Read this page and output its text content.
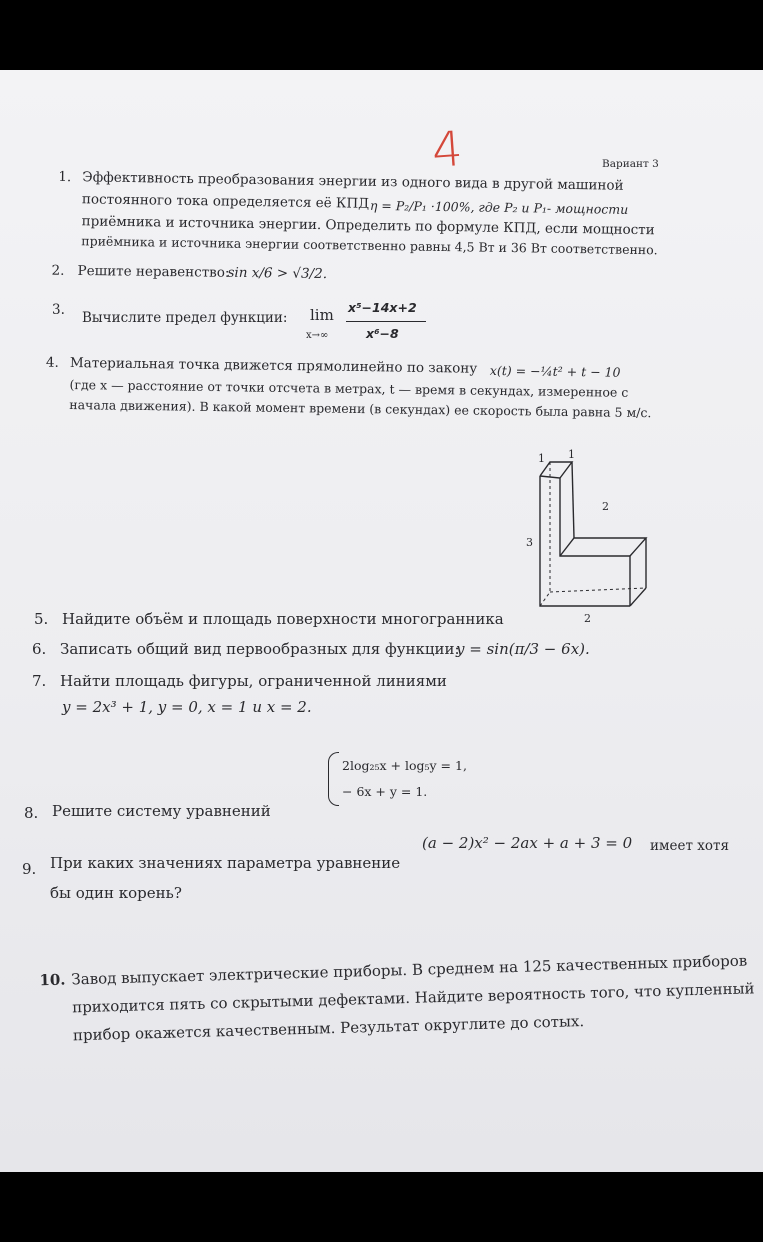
4	Вариант 3
1. Эффективность преобразования энергии из одного вида в другой машиной
постоянного тока определяется её КПД η = P₂/P₁ ·100%, где P₂ и P₁- мощности
приёмника и источника энергии. Определить по формуле КПД, если мощности
приёмника и источника энергии соответственно равны 4,5 Вт и 36 Вт соответственно.
2. Решите неравенство:
sin x/6 > √3/2.
3. Вычислите предел функции: lim
x→∞
x⁵−14x+2
x⁶−8
4. Материальная точка движется прямолинейно по закону x(t) = −¼t² + t − 10
(где x — расстояние от точки отсчета в метрах, t — время в секундах, измеренное с
начала движения). В какой момент времени (в секундах) ее скорость была равна 5 м/с.
1 1
2
3
2
5. Найдите объём и площадь поверхности многогранника
6. Записать общий вид первообразных для функции:
y = sin(π/3 − 6x).
7. Найти площадь фигуры, ограниченной линиями
y = 2x³ + 1, y = 0, x = 1 и x = 2.
2log₂₅x + log₅y = 1,
− 6x + y = 1.
8. Решите систему уравнений
9. При каких значениях параметра уравнение
(a − 2)x² − 2ax + a + 3 = 0 имеет хотя
бы один корень?
10. Завод выпускает электрические приборы. В среднем на 125 качественных приборов
приходится пять со скрытыми дефектами. Найдите вероятность того, что купленный
прибор окажется качественным. Результат округлите до сотых.
